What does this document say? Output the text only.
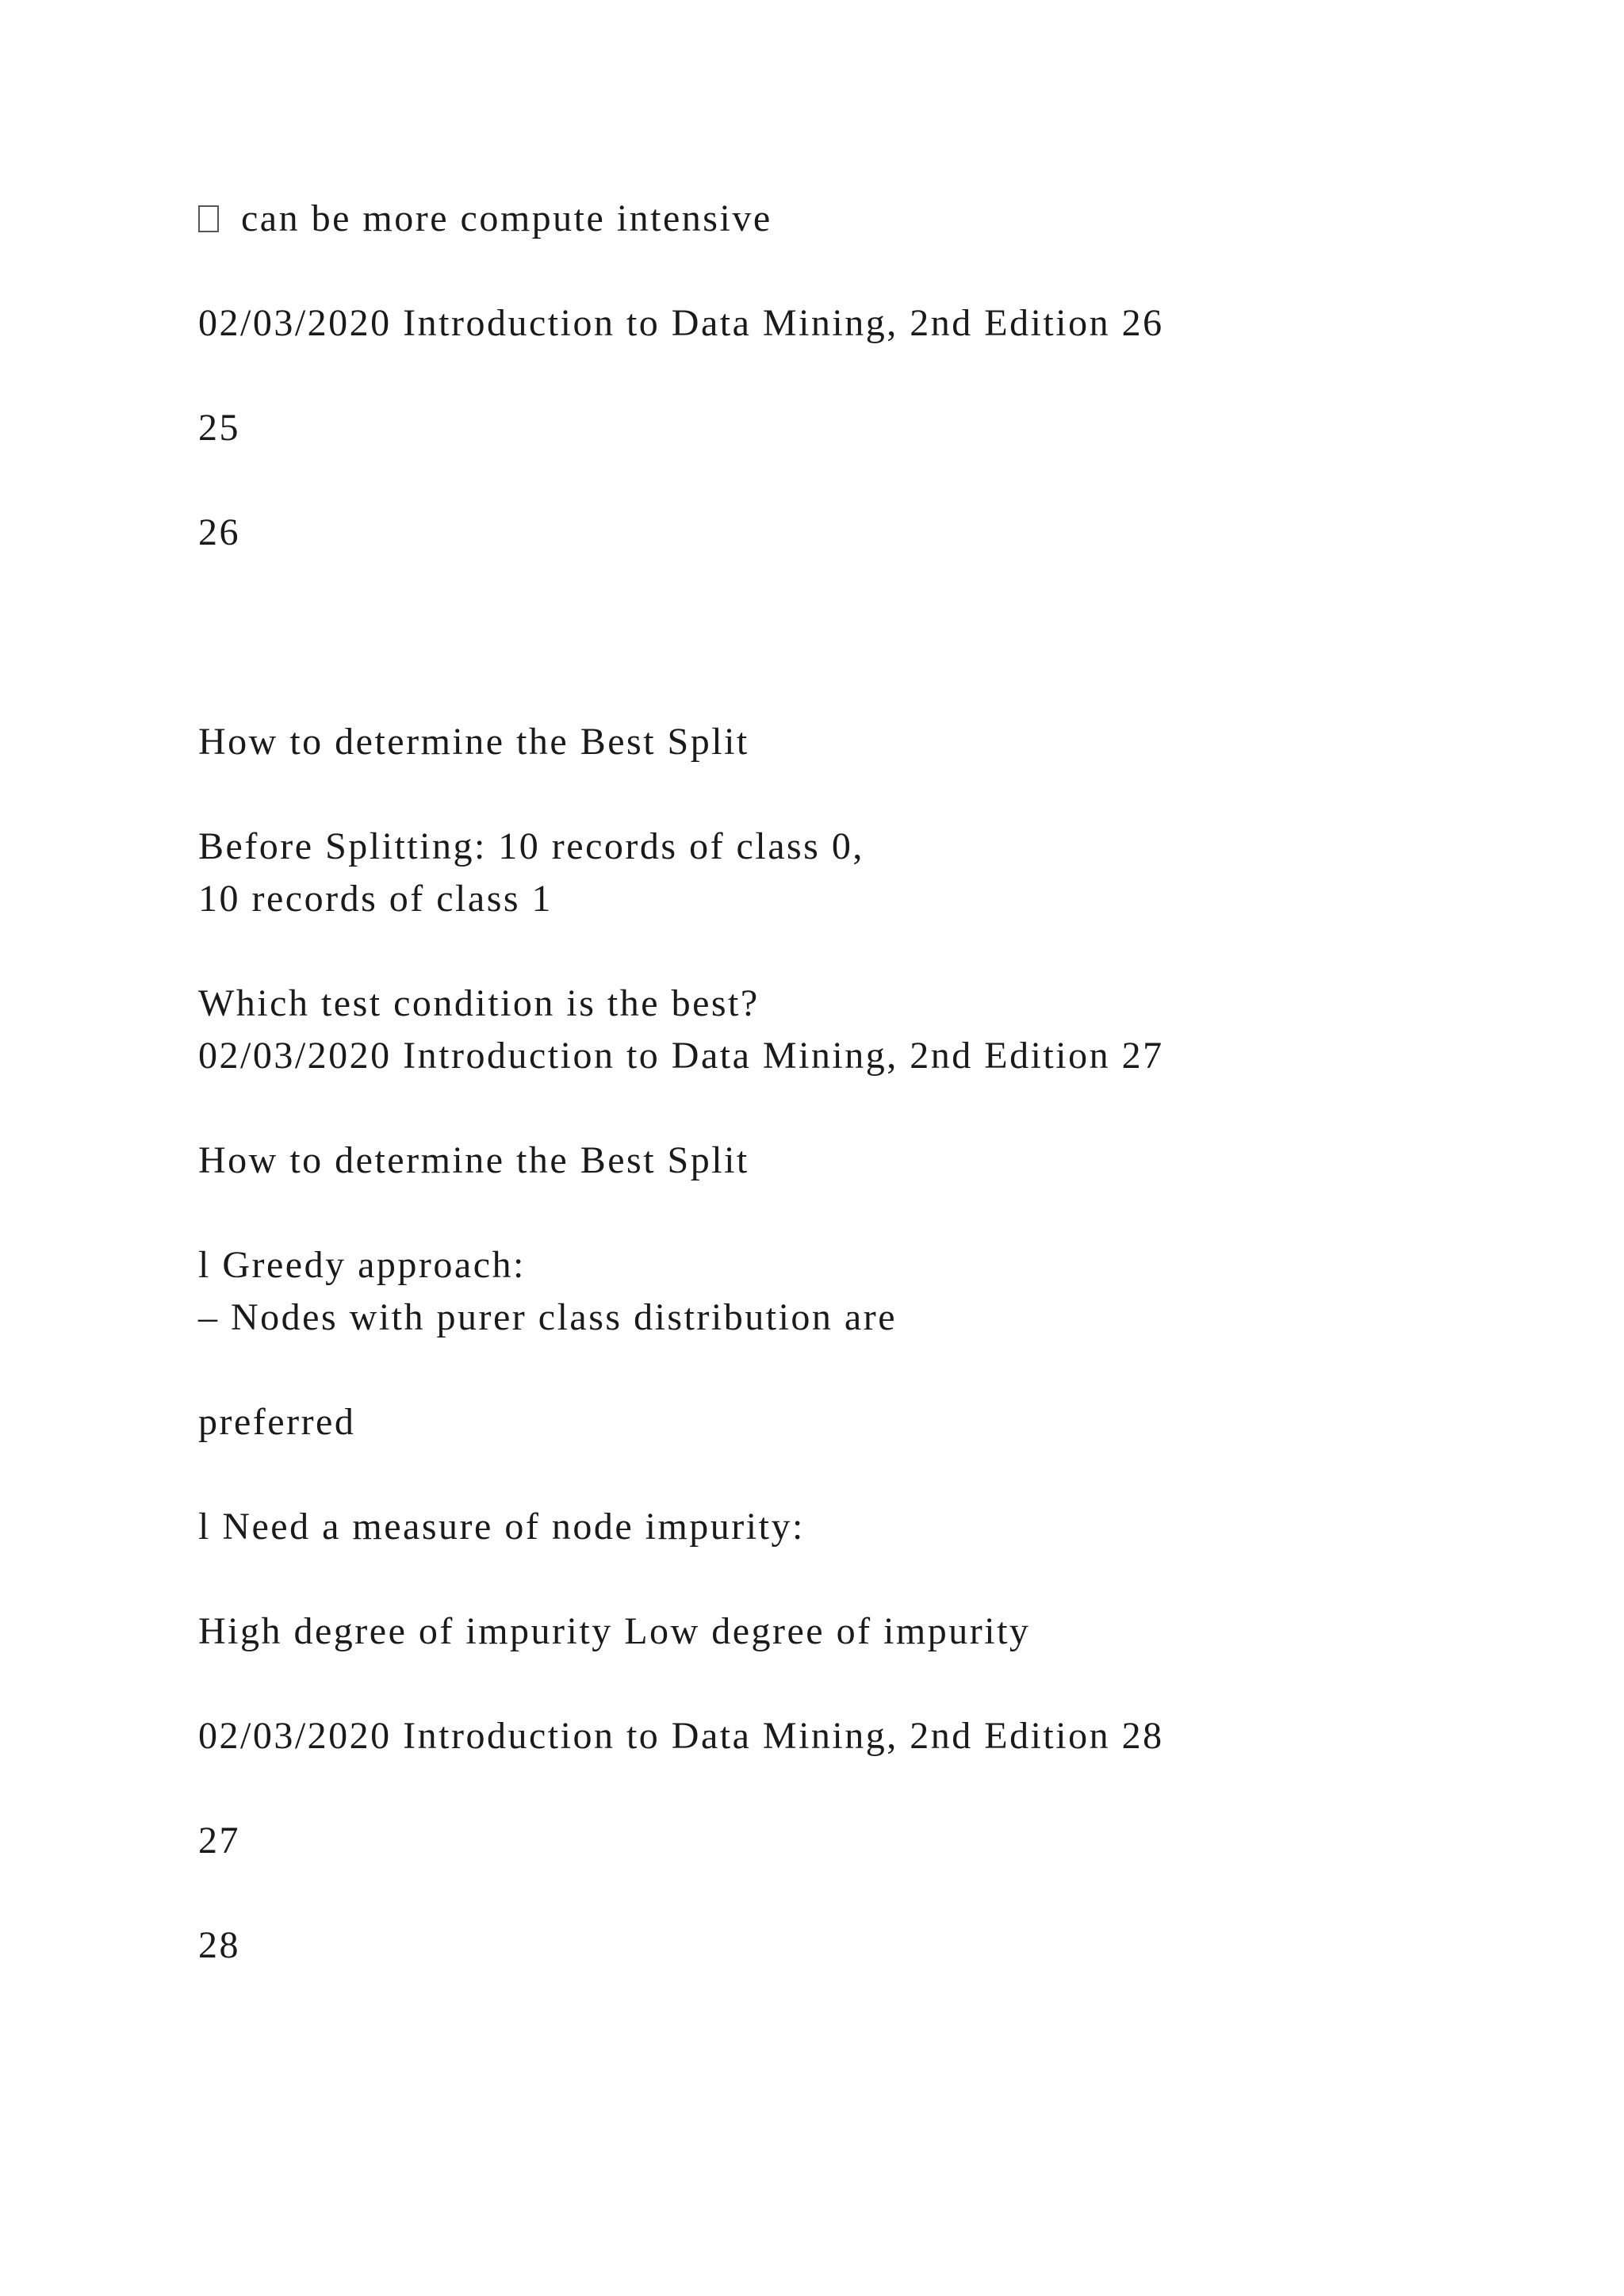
can be more compute intensive
02/03/2020 Introduction to Data Mining, 2nd Edition 26
25
26
How to determine the Best Split
Before Splitting: 10 records of class 0,
10 records of class 1
Which test condition is the best?
02/03/2020 Introduction to Data Mining, 2nd Edition 27
How to determine the Best Split
l Greedy approach:
– Nodes with purer class distribution are
preferred
l Need a measure of node impurity:
High degree of impurity Low degree of impurity
02/03/2020 Introduction to Data Mining, 2nd Edition 28
27
28
